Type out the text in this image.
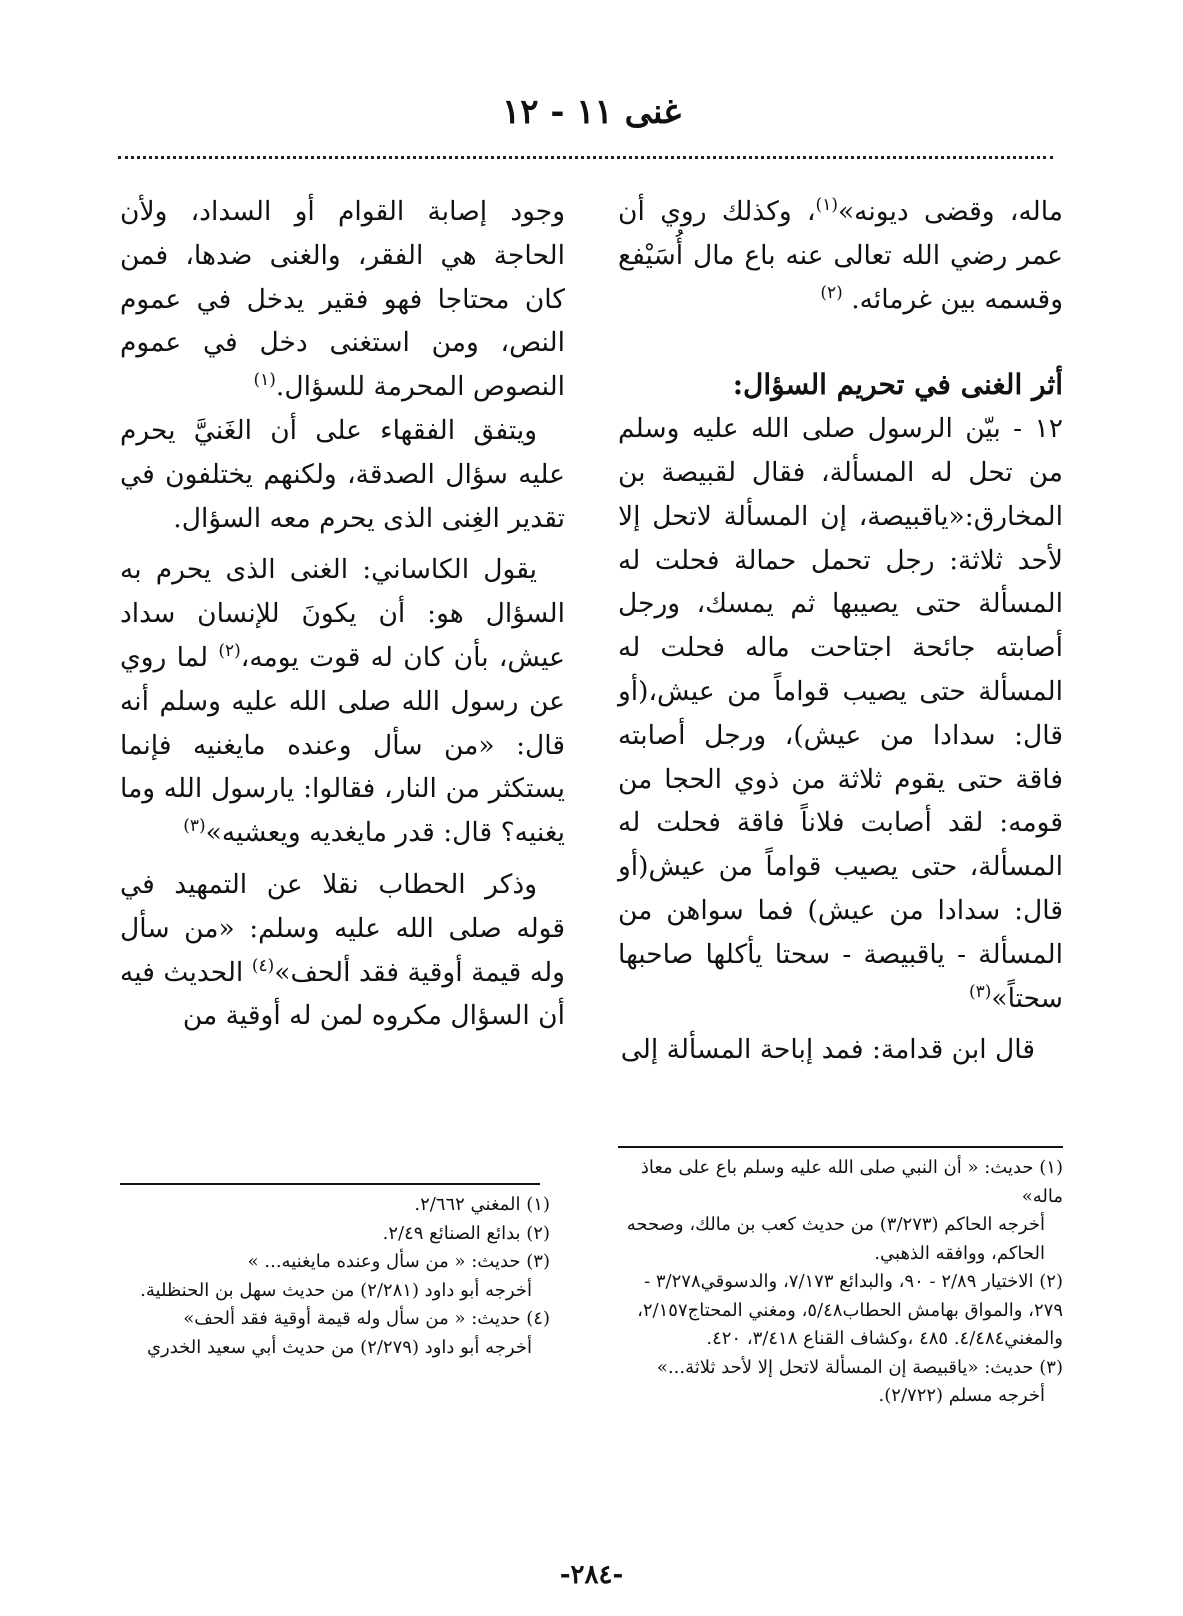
غنى ١١ - ١٢

ماله، وقضى ديونه»$^{(١)}$، وكذلك روي أن عمر رضي الله تعالى عنه باع مال أُسَيْفع وقسمه بين غرمائه. $^{(٢)}$

أثر الغنى في تحريم السؤال:

١٢ - بيّن الرسول صلى الله عليه وسلم من تحل له المسألة، فقال لقبيصة بن المخارق:«ياقبيصة، إن المسألة لاتحل إلا لأحد ثلاثة: رجل تحمل حمالة فحلت له المسألة حتى يصيبها ثم يمسك، ورجل أصابته جائحة اجتاحت ماله فحلت له المسألة حتى يصيب قواماً من عيش،(أو قال: سدادا من عيش)، ورجل أصابته فاقة حتى يقوم ثلاثة من ذوي الحجا من قومه: لقد أصابت فلاناً فاقة فحلت له المسألة، حتى يصيب قواماً من عيش(أو قال: سدادا من عيش) فما سواهن من المسألة - ياقبيصة - سحتا يأكلها صاحبها سحتاً»$^{(٣)}$

قال ابن قدامة: فمد إباحة المسألة إلى

وجود إصابة القوام أو السداد، ولأن الحاجة هي الفقر، والغنى ضدها، فمن كان محتاجا فهو فقير يدخل في عموم النص، ومن استغنى دخل في عموم النصوص المحرمة للسؤال.$^{(١)}$

ويتفق الفقهاء على أن الغَنيَّ يحرم عليه سؤال الصدقة، ولكنهم يختلفون في تقدير الغِنى الذى يحرم معه السؤال.

يقول الكاساني: الغنى الذى يحرم به السؤال هو: أن يكونَ للإنسان سداد عيش، بأن كان له قوت يومه،$^{(٢)}$ لما روي عن رسول الله صلى الله عليه وسلم أنه قال: «من سأل وعنده مايغنيه فإنما يستكثر من النار، فقالوا: يارسول الله وما يغنيه؟ قال: قدر مايغديه ويعشيه»$^{(٣)}$

وذكر الحطاب نقلا عن التمهيد في قوله صلى الله عليه وسلم: «من سأل وله قيمة أوقية فقد ألحف»$^{(٤)}$ الحديث فيه أن السؤال مكروه لمن له أوقية من

(١) حديث: « أن النبي صلى الله عليه وسلم باع على معاذ ماله»

أخرجه الحاكم (٣/٢٧٣) من حديث كعب بن مالك، وصححه الحاكم، ووافقه الذهبي.

(٢) الاختيار ٢/٨٩ - ٩٠، والبدائع ٧/١٧٣، والدسوقي٣/٢٧٨ - ٢٧٩، والمواق بهامش الحطاب٥/٤٨، ومغني المحتاج٢/١٥٧، والمغني٤/٤٨٤. ٤٨٥ ،وكشاف القناع ٣/٤١٨، ٤٢٠.

(٣) حديث: «ياقبيصة إن المسألة لاتحل إلا لأحد ثلاثة...»

أخرجه مسلم (٢/٧٢٢).

(١) المغني ٢/٦٦٢.

(٢) بدائع الصنائع ٢/٤٩.

(٣) حديث: « من سأل وعنده مايغنيه... »

أخرجه أبو داود (٢/٢٨١) من حديث سهل بن الحنظلية.

(٤) حديث: « من سأل وله قيمة أوقية فقد ألحف»

أخرجه أبو داود (٢/٢٧٩) من حديث أبي سعيد الخدري

-٢٨٤-
